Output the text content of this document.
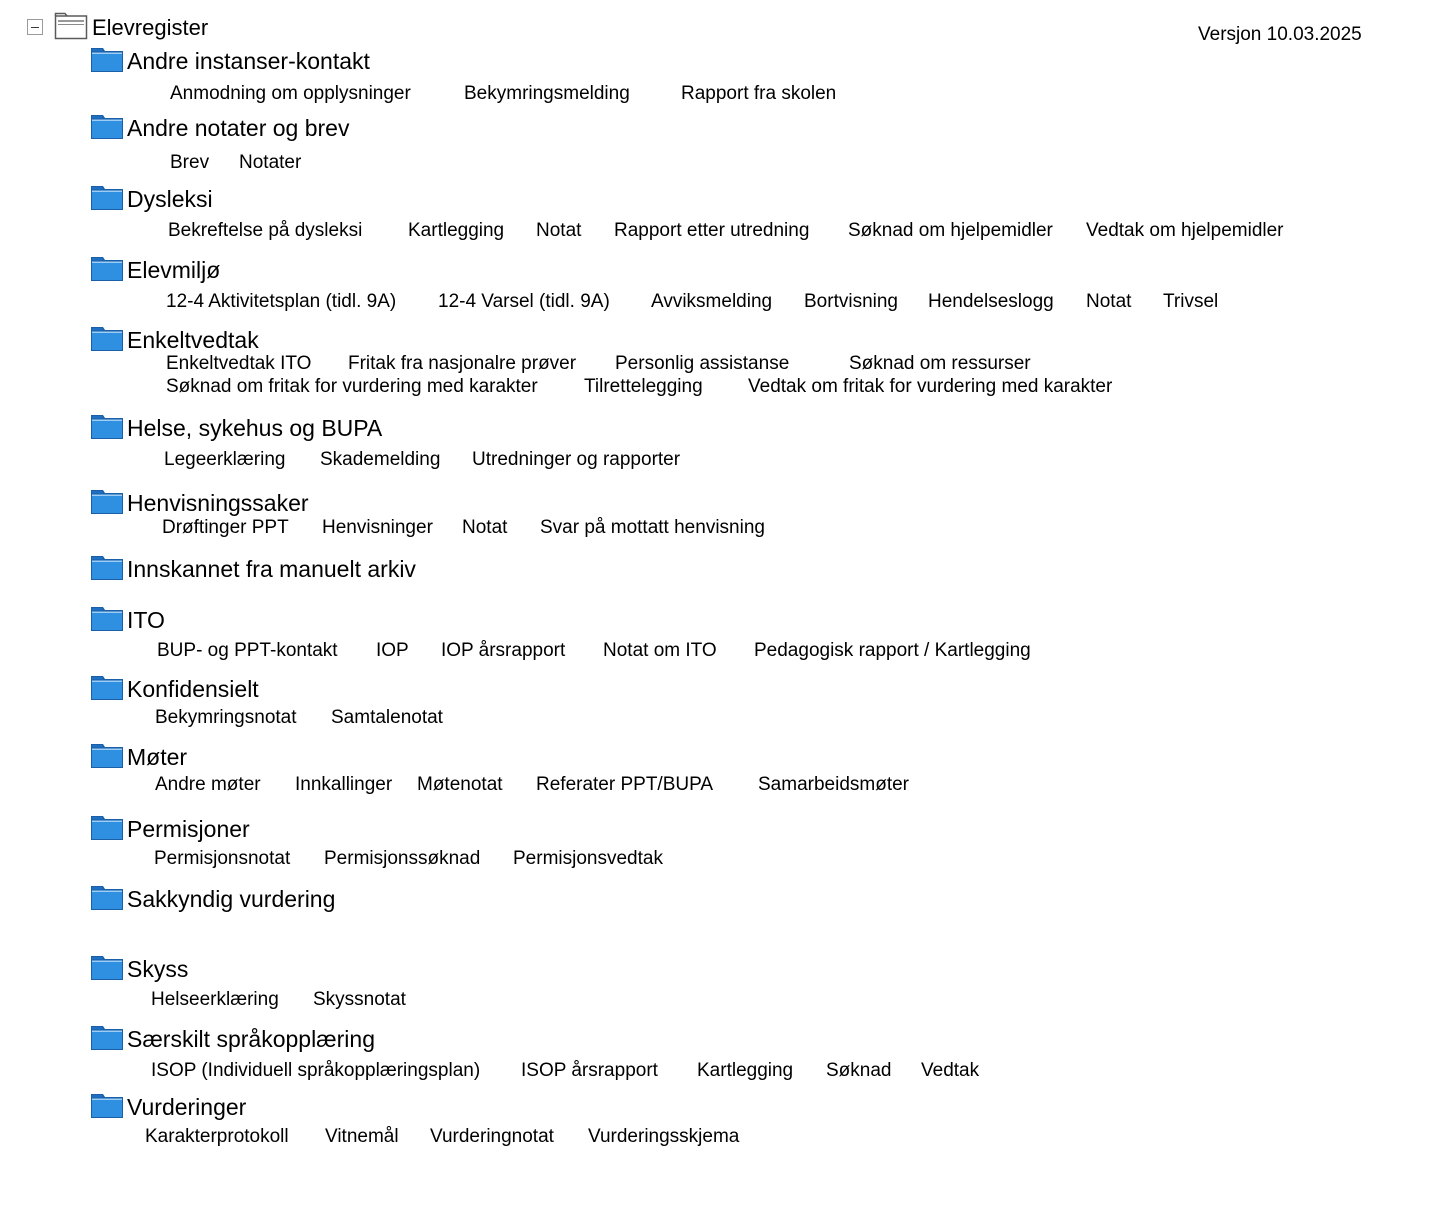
Elevregister	Versjon 10.03.2025
Andre instanser-kontakt
Anmodning om opplysninger	Bekymringsmelding	Rapport fra skolen
Andre notater og brev
Brev Notater
Dysleksi
Bekreftelse på dysleksi Kartlegging Notat Rapport etter utredning Søknad om hjelpemidler Vedtak om hjelpemidler
Elevmiljø
12-4 Aktivitetsplan (tidl. 9A) 12-4 Varsel (tidl. 9A) Avviksmelding Bortvisning Hendelseslogg Notat Trivsel
Enkeltvedtak
Enkeltvedtak ITO Fritak fra nasjonalre prøver Personlig assistanse	Søknad om ressurser
Søknad om fritak for vurdering med karakter Tilrettelegging Vedtak om fritak for vurdering med karakter
Helse, sykehus og BUPA
Legeerklæring Skademelding Utredninger og rapporter
Henvisningssaker
Drøftinger PPT Henvisninger Notat Svar på mottatt henvisning
Innskannet fra manuelt arkiv
ITO
BUP- og PPT-kontakt IOP IOP årsrapport Notat om ITO Pedagogisk rapport / Kartlegging
Konfidensielt
Bekymringsnotat Samtalenotat
Møter
Andre møter Innkallinger Møtenotat Referater PPT/BUPA Samarbeidsmøter
Permisjoner
Permisjonsnotat Permisjonssøknad Permisjonsvedtak
Sakkyndig vurdering
Skyss
Helseerklæring Skyssnotat
Særskilt språkopplæring
ISOP (Individuell språkopplæringsplan) ISOP årsrapport Kartlegging Søknad Vedtak
Vurderinger
Karakterprotokoll Vitnemål Vurderingnotat Vurderingsskjema
